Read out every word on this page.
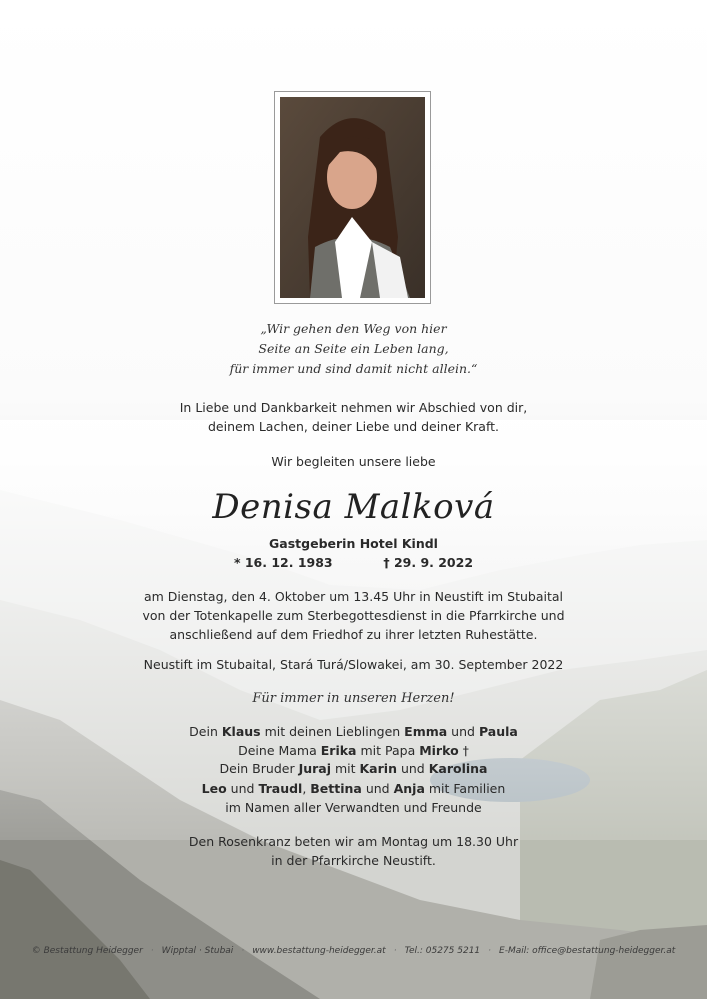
„Wir gehen den Weg von hier
Seite an Seite ein Leben lang,
für immer und sind damit nicht allein.“
In Liebe und Dankbarkeit nehmen wir Abschied von dir,
deinem Lachen, deiner Liebe und deiner Kraft.
Wir begleiten unsere liebe
Denisa Malková
Gastgeberin Hotel Kindl
* 16. 12. 1983	† 29. 9. 2022
am Dienstag, den 4. Oktober um 13.45 Uhr in Neustift im Stubaital
von der Totenkapelle zum Sterbegottesdienst in die Pfarrkirche und
anschließend auf dem Friedhof zu ihrer letzten Ruhestätte.
Neustift im Stubaital, Stará Turá/Slowakei, am 30. September 2022
Für immer in unseren Herzen!
Dein Klaus mit deinen Lieblingen Emma und Paula
Deine Mama Erika mit Papa Mirko †
Dein Bruder Juraj mit Karin und Karolina
Leo und Traudl, Bettina und Anja mit Familien
im Namen aller Verwandten und Freunde
Den Rosenkranz beten wir am Montag um 18.30 Uhr
in der Pfarrkirche Neustift.
© Bestattung Heidegger · Wipptal · Stubai · www.bestattung-heidegger.at · Tel.: 05275 5211 · E-Mail: office@bestattung-heidegger.at
